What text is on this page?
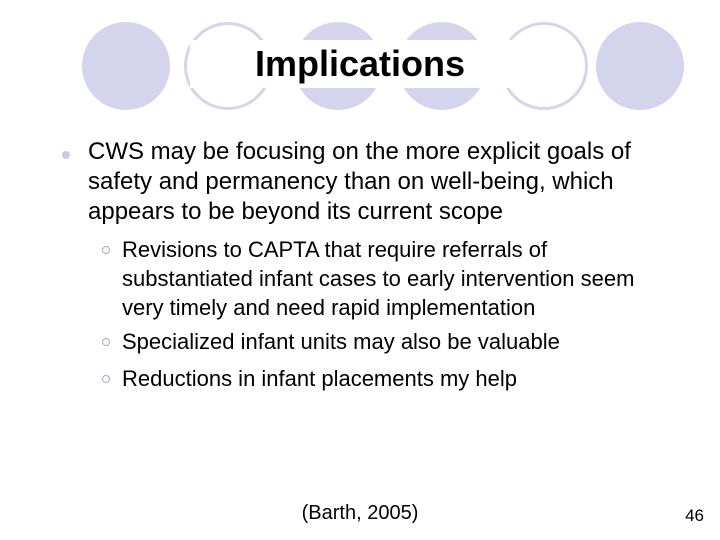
Implications
CWS may be focusing on the more explicit goals of safety and permanency than on well-being, which appears to be beyond its current scope
Revisions to CAPTA that require referrals of substantiated infant cases to early intervention seem very timely and need rapid implementation
Specialized infant units may also be valuable
Reductions in infant placements my help
(Barth, 2005)	46
